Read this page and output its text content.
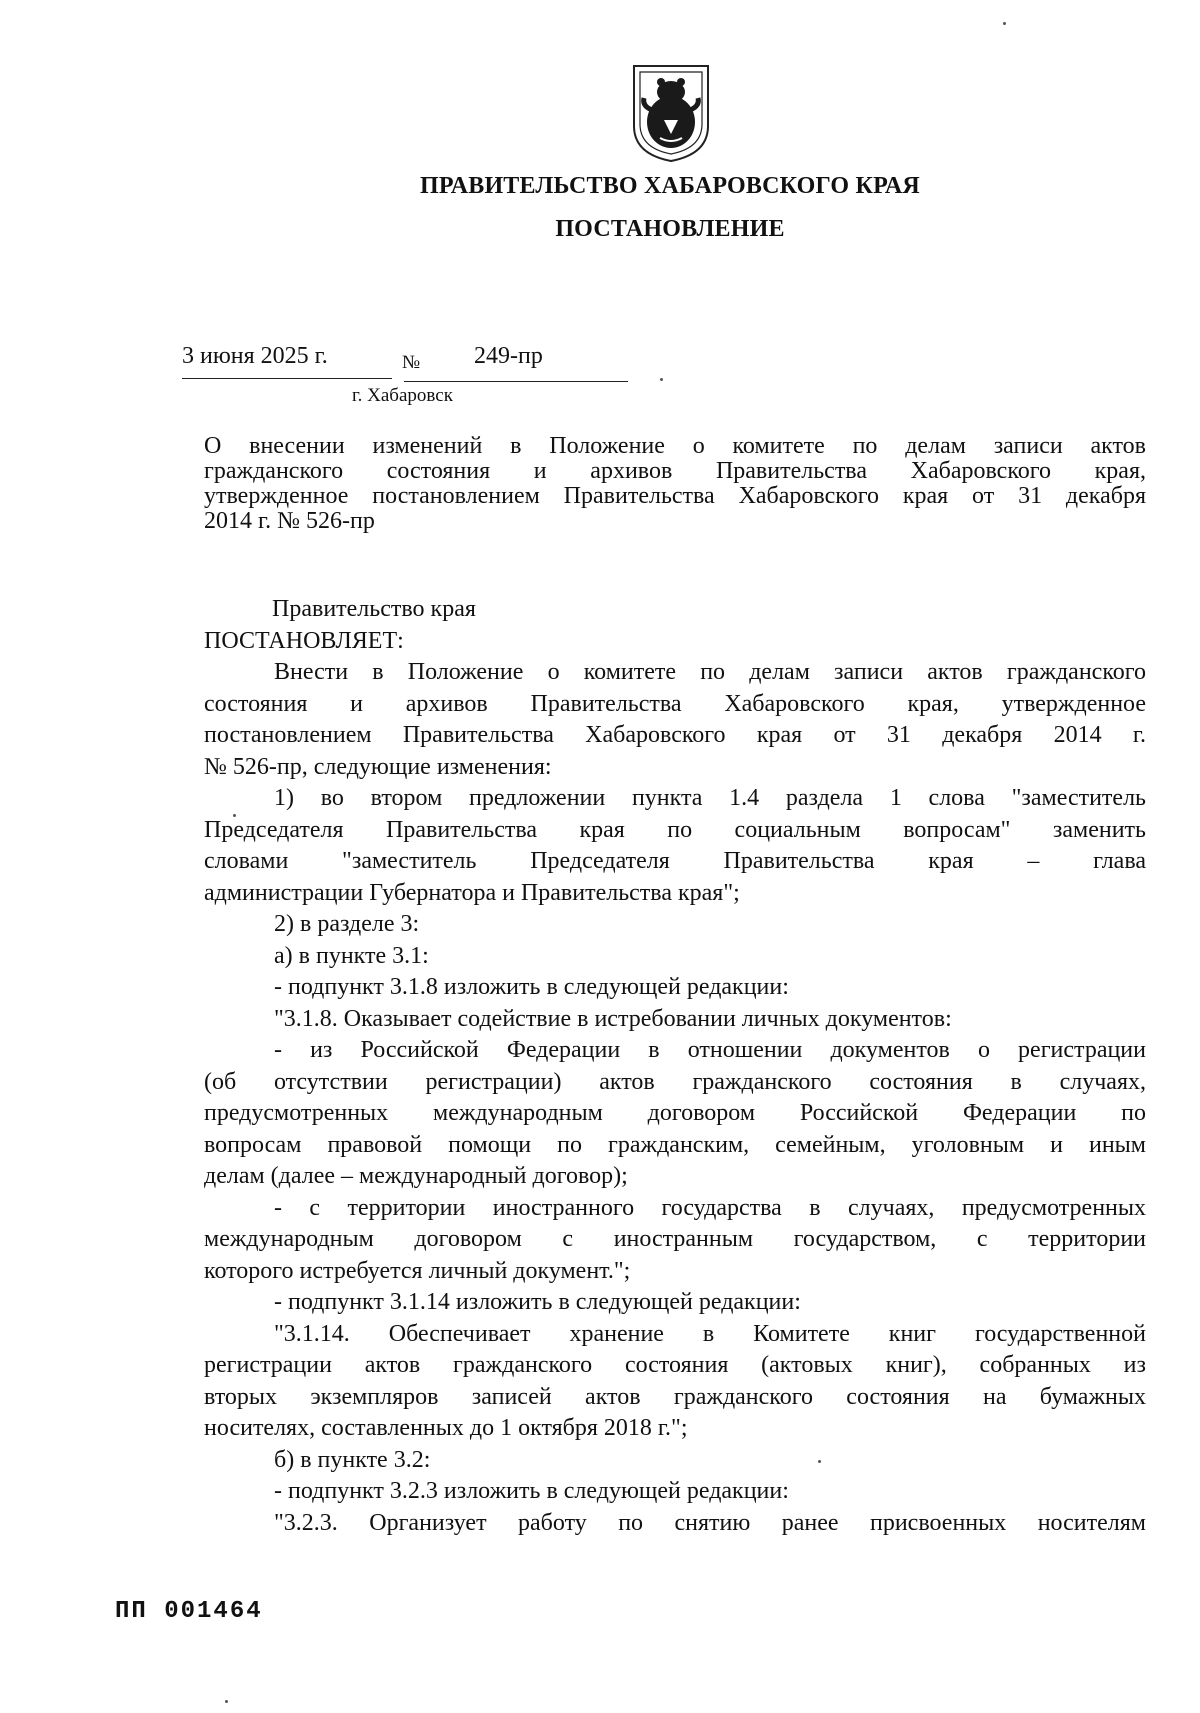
ПРАВИТЕЛЬСТВО ХАБАРОВСКОГО КРАЯ
ПОСТАНОВЛЕНИЕ
3 июня 2025 г.	№ 249-пр
г. Хабаровск
О внесении изменений в Положение о комитете по делам записи актов
гражданского состояния и архивов Правительства Хабаровского края,
утвержденное постановлением Правительства Хабаровского края от 31 декабря
2014 г. № 526-пр
Правительство края
ПОСТАНОВЛЯЕТ:
Внести в Положение о комитете по делам записи актов гражданского
состояния и архивов Правительства Хабаровского края, утвержденное
постановлением Правительства Хабаровского края от 31 декабря 2014 г.
№ 526-пр, следующие изменения:
1) во втором предложении пункта 1.4 раздела 1 слова "заместитель
Председателя Правительства края по социальным вопросам" заменить
словами "заместитель Председателя Правительства края – глава
администрации Губернатора и Правительства края";
2) в разделе 3:
а) в пункте 3.1:
- подпункт 3.1.8 изложить в следующей редакции:
"3.1.8. Оказывает содействие в истребовании личных документов:
- из Российской Федерации в отношении документов о регистрации
(об отсутствии регистрации) актов гражданского состояния в случаях,
предусмотренных международным договором Российской Федерации по
вопросам правовой помощи по гражданским, семейным, уголовным и иным
делам (далее – международный договор);
- с территории иностранного государства в случаях, предусмотренных
международным договором с иностранным государством, с территории
которого истребуется личный документ.";
- подпункт 3.1.14 изложить в следующей редакции:
"3.1.14. Обеспечивает хранение в Комитете книг государственной
регистрации актов гражданского состояния (актовых книг), собранных из
вторых экземпляров записей актов гражданского состояния на бумажных
носителях, составленных до 1 октября 2018 г.";
б) в пункте 3.2:
- подпункт 3.2.3 изложить в следующей редакции:
"3.2.3. Организует работу по снятию ранее присвоенных носителям
ПП 001464
